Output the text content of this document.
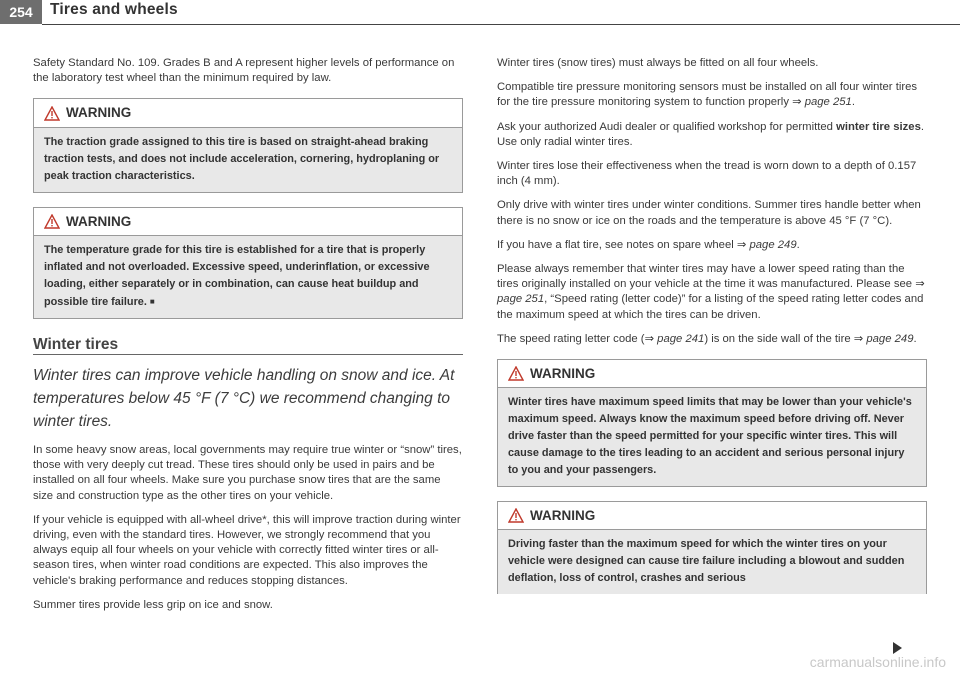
254	Tires and wheels

Safety Standard No. 109. Grades B and A represent higher levels of performance on the laboratory test wheel than the minimum required by law.

WARNING
The traction grade assigned to this tire is based on straight-ahead braking traction tests, and does not include acceleration, cornering, hydroplaning or peak traction characteristics.
WARNING
The temperature grade for this tire is established for a tire that is properly inflated and not overloaded. Excessive speed, underinflation, or excessive loading, either separately or in combination, can cause heat buildup and possible tire failure. ■
Winter tires

Winter tires can improve vehicle handling on snow and ice. At temperatures below 45 °F (7 °C) we recommend changing to winter tires.

In some heavy snow areas, local governments may require true winter or “snow” tires, those with very deeply cut tread. These tires should only be used in pairs and be installed on all four wheels. Make sure you purchase snow tires that are the same size and construction type as the other tires on your vehicle.

If your vehicle is equipped with all-wheel drive*, this will improve traction during winter driving, even with the standard tires. However, we strongly recommend that you always equip all four wheels on your vehicle with correctly fitted winter tires or all-season tires, when winter road conditions are expected. This also improves the vehicle's braking performance and reduces stopping distances.

Summer tires provide less grip on ice and snow.

Winter tires (snow tires) must always be fitted on all four wheels.

Compatible tire pressure monitoring sensors must be installed on all four winter tires for the tire pressure monitoring system to function properly ⇒ page 251.

Ask your authorized Audi dealer or qualified workshop for permitted winter tire sizes. Use only radial winter tires.

Winter tires lose their effectiveness when the tread is worn down to a depth of 0.157 inch (4 mm).

Only drive with winter tires under winter conditions. Summer tires handle better when there is no snow or ice on the roads and the temperature is above 45 °F (7 °C).

If you have a flat tire, see notes on spare wheel ⇒ page 249.

Please always remember that winter tires may have a lower speed rating than the tires originally installed on your vehicle at the time it was manufactured. Please see ⇒ page 251, “Speed rating (letter code)” for a listing of the speed rating letter codes and the maximum speed at which the tires can be driven.

The speed rating letter code (⇒ page 241) is on the side wall of the tire ⇒ page 249.

WARNING
Winter tires have maximum speed limits that may be lower than your vehicle's maximum speed. Always know the maximum speed before driving off. Never drive faster than the speed permitted for your specific winter tires. This will cause damage to the tires leading to an accident and serious personal injury to you and your passengers.
WARNING
Driving faster than the maximum speed for which the winter tires on your vehicle were designed can cause tire failure including a blowout and sudden deflation, loss of control, crashes and serious
carmanualsonline.info
